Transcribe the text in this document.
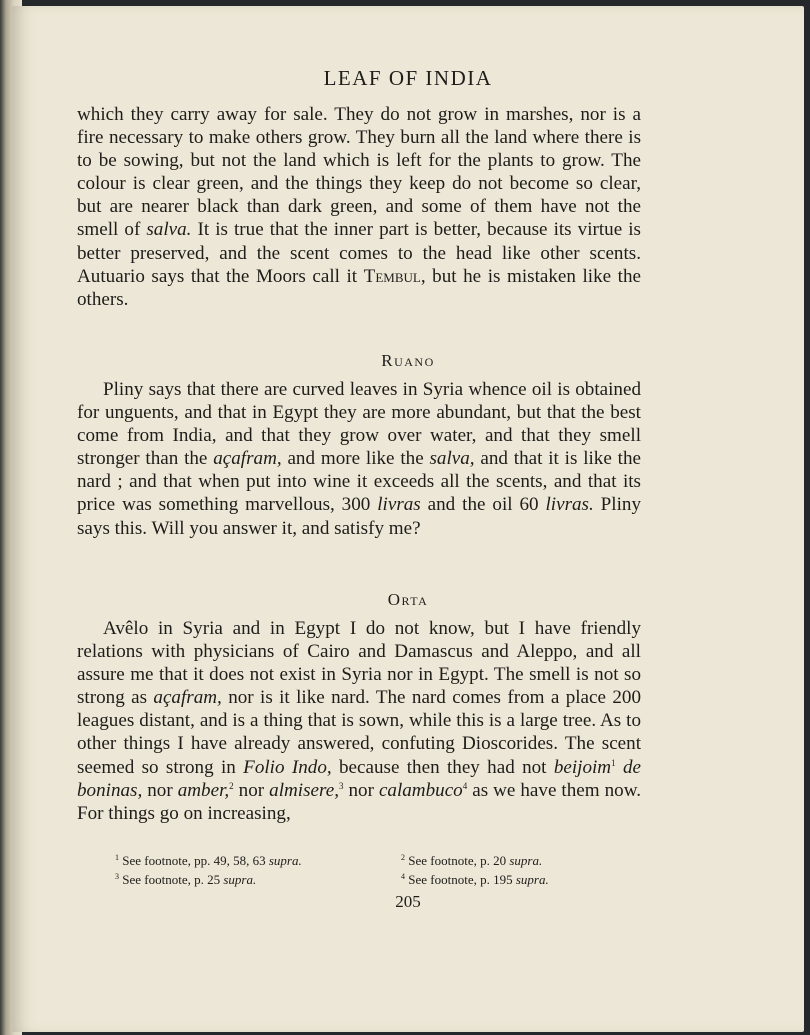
LEAF OF INDIA

which they carry away for sale. They do not grow in marshes, nor is a fire necessary to make others grow. They burn all the land where there is to be sowing, but not the land which is left for the plants to grow. The colour is clear green, and the things they keep do not become so clear, but are nearer black than dark green, and some of them have not the smell of salva. It is true that the inner part is better, because its virtue is better preserved, and the scent comes to the head like other scents. Autuario says that the Moors call it Tembul, but he is mistaken like the others.

Ruano

Pliny says that there are curved leaves in Syria whence oil is obtained for unguents, and that in Egypt they are more abundant, but that the best come from India, and that they grow over water, and that they smell stronger than the açafram, and more like the salva, and that it is like the nard ; and that when put into wine it exceeds all the scents, and that its price was something marvellous, 300 livras and the oil 60 livras. Pliny says this. Will you answer it, and satisfy me?

Orta

Avêlo in Syria and in Egypt I do not know, but I have friendly relations with physicians of Cairo and Damascus and Aleppo, and all assure me that it does not exist in Syria nor in Egypt. The smell is not so strong as açafram, nor is it like nard. The nard comes from a place 200 leagues distant, and is a thing that is sown, while this is a large tree. As to other things I have already answered, confuting Dioscorides. The scent seemed so strong in Folio Indo, because then they had not beijoim$^1$ de boninas, nor amber,$^2$ nor almisere,$^3$ nor calambuco$^4$ as we have them now. For things go on increasing,

$^1$ See footnote, pp. 49, 58, 63 supra.	$^2$ See footnote, p. 20 supra.
$^3$ See footnote, p. 25 supra.	$^4$ See footnote, p. 195 supra.
205
